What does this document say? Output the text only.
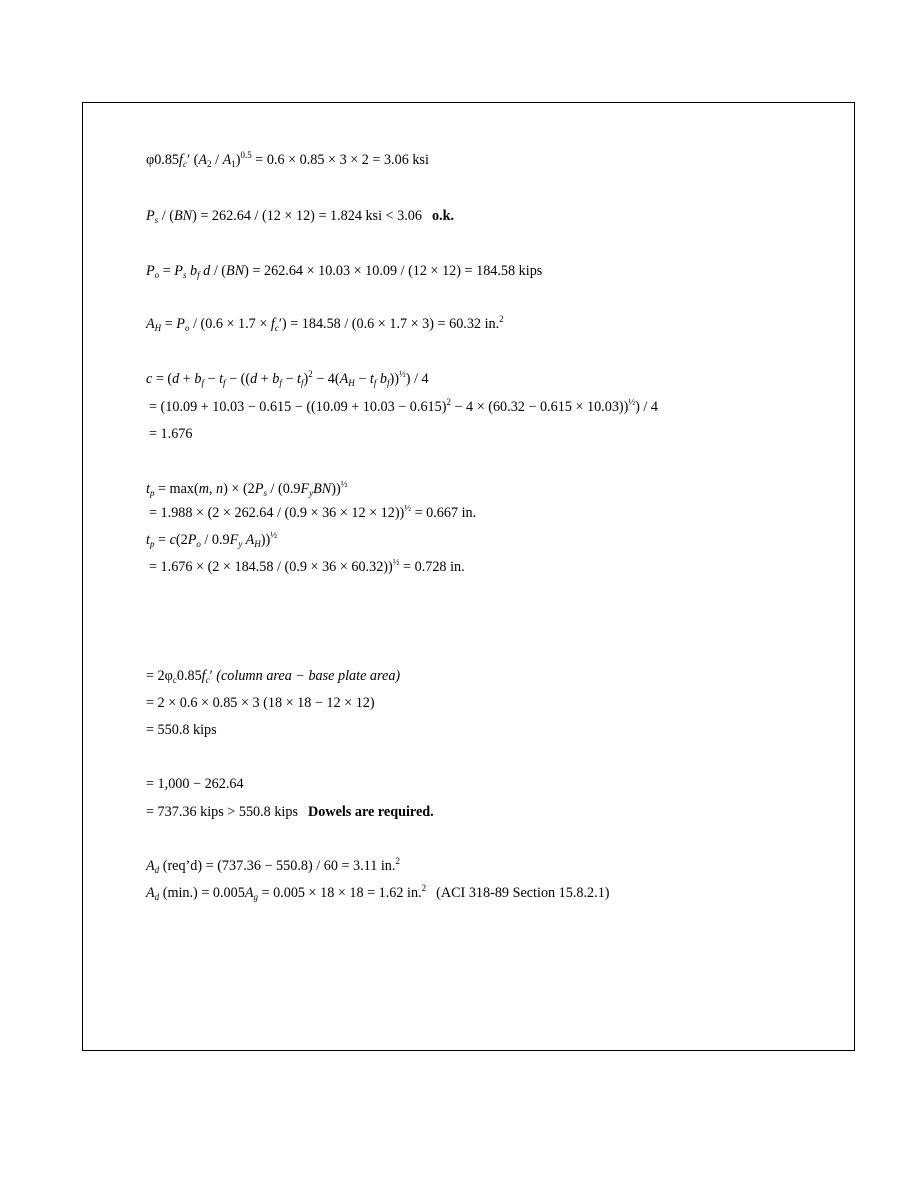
$\varphi 0.85f_c'$ $(A_2 / A_1)^{0.5} = 0.6 \times 0.85 \times 3 \times 2 = 3.06$ ksi
$P_s / (BN) = 262.64 / (12 \times 12) = 1.824$ ksi < 3.06 o.k.
$P_o = P_s$ $b_f$ d / (BN) = 262.64 × 10.03 × 10.09 / (12 × 12) = 184.58 kips
$A_H = P_o / (0.6 \times 1.7 \times f_c') = 184.58 / (0.6 \times 1.7 \times 3) = 60.32$ in.$^2$
$c = (d + b_f - t_f - ((d + b_f - t_f)^2 - 4(A_H - t_f$ $b_f))^{\frac{1}{2}}) / 4$
= $(10.09 + 10.03 - 0.615 - ((10.09 + 10.03 - 0.615)^2 - 4 \times (60.32 - 0.615 \times 10.03))^{\frac{1}{2}}) / 4$
= 1.676
$t_p = \max(m$, $n) \times (2P_s / (0.9F_yBN))^{\frac{1}{2}}$
= $1.988 \times (2 \times 262.64 / (0.9 \times 36 \times 12 \times 12))^{\frac{1}{2}} = 0.667$ in.
$t_p = c(2P_o / 0.9F_y$ $A_H))^{\frac{1}{2}}$
= $1.676 \times (2 \times 184.58 / (0.9 \times 36 \times 60.32))^{\frac{1}{2}} = 0.728$ in.
= $2\varphi_c0.85f_c'$ (column area − base plate area)
= 2 × 0.6 × 0.85 × 3 (18 × 18 − 12 × 12)
= 550.8 kips
= 1,000 − 262.64
= 737.36 kips > 550.8 kips Dowels are required.
$A_d$ (req’d) = (737.36 − 550.8) / 60 = 3.11 in.$^2$
$A_d$ $(\min.) = 0.005A_g = 0.005 \times 18 \times 18 = 1.62$ in.$^2$ (ACI 318-89 Section 15.8.2.1)
